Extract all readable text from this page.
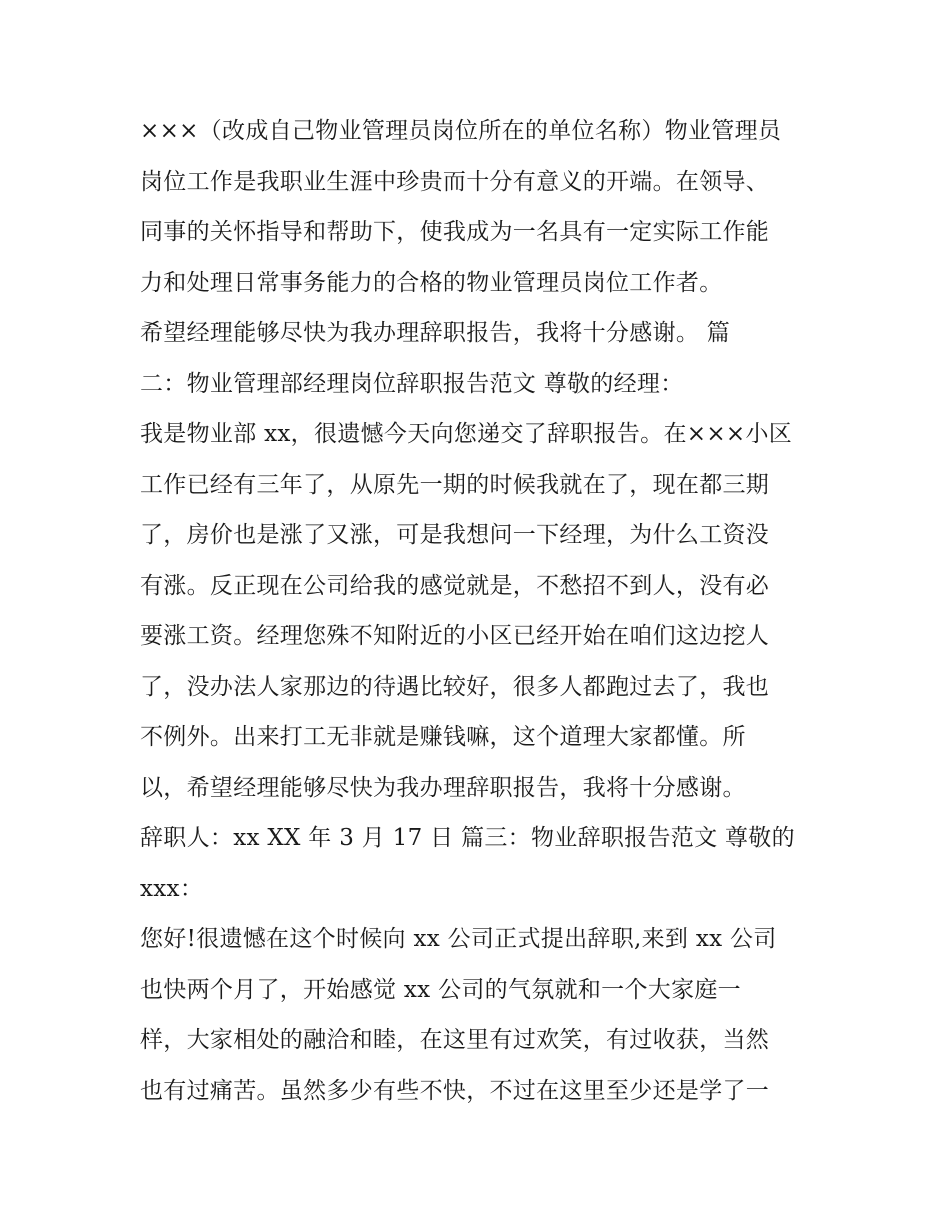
×××（改成自己物业管理员岗位所在的单位名称）物业管理员
岗位工作是我职业生涯中珍贵而十分有意义的开端。在领导、
同事的关怀指导和帮助下，使我成为一名具有一定实际工作能
力和处理日常事务能力的合格的物业管理员岗位工作者。
希望经理能够尽快为我办理辞职报告，我将十分感谢。 篇
二：物业管理部经理岗位辞职报告范文 尊敬的经理：
我是物业部 xx，很遗憾今天向您递交了辞职报告。在×××小区
工作已经有三年了，从原先一期的时候我就在了，现在都三期
了，房价也是涨了又涨，可是我想问一下经理，为什么工资没
有涨。反正现在公司给我的感觉就是，不愁招不到人，没有必
要涨工资。经理您殊不知附近的小区已经开始在咱们这边挖人
了，没办法人家那边的待遇比较好，很多人都跑过去了，我也
不例外。出来打工无非就是赚钱嘛，这个道理大家都懂。所
以，希望经理能够尽快为我办理辞职报告，我将十分感谢。
辞职人：xx XX 年 3 月 17 日 篇三：物业辞职报告范文 尊敬的
xxx：
您好!很遗憾在这个时候向 xx 公司正式提出辞职,来到 xx 公司
也快两个月了，开始感觉 xx 公司的气氛就和一个大家庭一
样，大家相处的融洽和睦，在这里有过欢笑，有过收获，当然
也有过痛苦。虽然多少有些不快，不过在这里至少还是学了一
